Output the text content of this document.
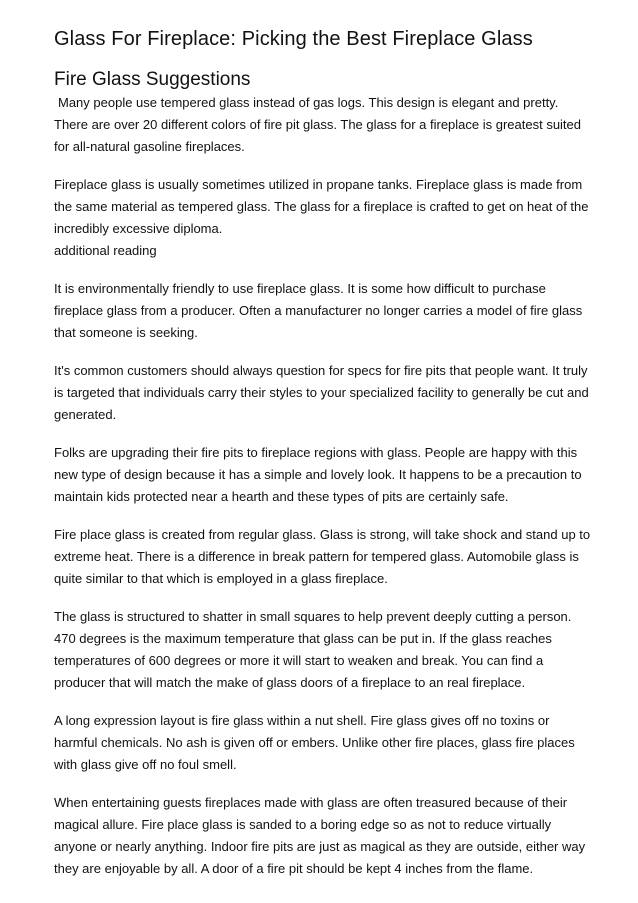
Glass For Fireplace: Picking the Best Fireplace Glass
Fire Glass Suggestions

Many people use tempered glass instead of gas logs. This design is elegant and pretty. There are over 20 different colors of fire pit glass. The glass for a fireplace is greatest suited for all-natural gasoline fireplaces.

Fireplace glass is usually sometimes utilized in propane tanks. Fireplace glass is made from the same material as tempered glass. The glass for a fireplace is crafted to get on heat of the incredibly excessive diploma.
additional reading

It is environmentally friendly to use fireplace glass. It is some how difficult to purchase fireplace glass from a producer. Often a manufacturer no longer carries a model of fire glass that someone is seeking.

It's common customers should always question for specs for fire pits that people want. It truly is targeted that individuals carry their styles to your specialized facility to generally be cut and generated.

Folks are upgrading their fire pits to fireplace regions with glass. People are happy with this new type of design because it has a simple and lovely look. It happens to be a precaution to maintain kids protected near a hearth and these types of pits are certainly safe.

Fire place glass is created from regular glass. Glass is strong, will take shock and stand up to extreme heat. There is a difference in break pattern for tempered glass. Automobile glass is quite similar to that which is employed in a glass fireplace.

The glass is structured to shatter in small squares to help prevent deeply cutting a person. 470 degrees is the maximum temperature that glass can be put in. If the glass reaches temperatures of 600 degrees or more it will start to weaken and break. You can find a producer that will match the make of glass doors of a fireplace to an real fireplace.

A long expression layout is fire glass within a nut shell. Fire glass gives off no toxins or harmful chemicals. No ash is given off or embers. Unlike other fire places, glass fire places with glass give off no foul smell.

When entertaining guests fireplaces made with glass are often treasured because of their magical allure. Fire place glass is sanded to a boring edge so as not to reduce virtually anyone or nearly anything. Indoor fire pits are just as magical as they are outside, either way they are enjoyable by all. A door of a fire pit should be kept 4 inches from the flame.
